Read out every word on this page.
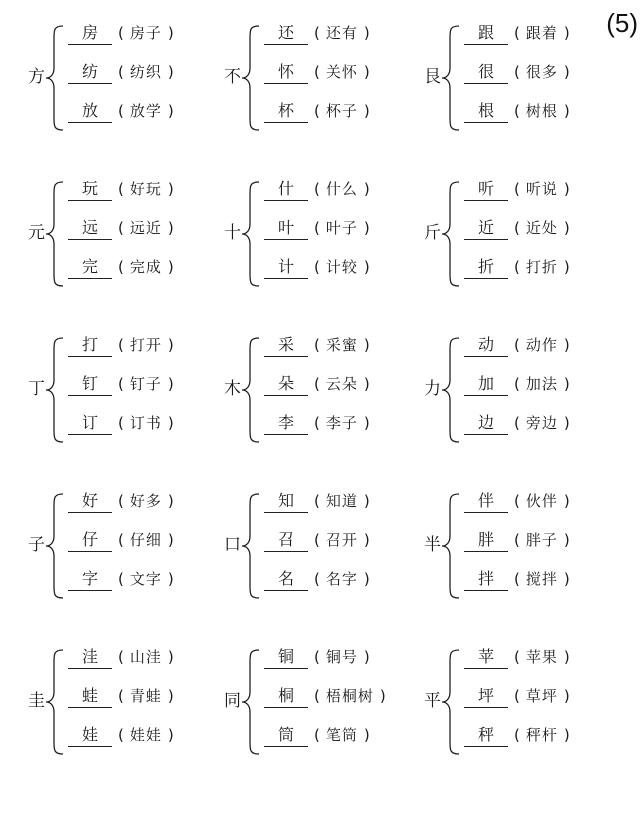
(5)
方
房 ( 房子 )
纺 ( 纺织 )
放 ( 放学 )
不
还 ( 还有 )
怀 ( 关怀 )
杯 ( 杯子 )
艮
跟 ( 跟着 )
很 ( 很多 )
根 ( 树根 )
元
玩 ( 好玩 )
远 ( 远近 )
完 ( 完成 )
十
什 ( 什么 )
叶 ( 叶子 )
计 ( 计较 )
斤
听 ( 听说 )
近 ( 近处 )
折 ( 打折 )
丁
打 ( 打开 )
钉 ( 钉子 )
订 ( 订书 )
木
采 ( 采蜜 )
朵 ( 云朵 )
李 ( 李子 )
力
动 ( 动作 )
加 ( 加法 )
边 ( 旁边 )
子
好 ( 好多 )
仔 ( 仔细 )
字 ( 文字 )
口
知 ( 知道 )
召 ( 召开 )
名 ( 名字 )
半
伴 ( 伙伴 )
胖 ( 胖子 )
拌 ( 搅拌 )
圭
洼 ( 山洼 )
蛙 ( 青蛙 )
娃 ( 娃娃 )
同
铜 ( 铜号 )
桐 ( 梧桐树 )
筒 ( 笔筒 )
平
苹 ( 苹果 )
坪 ( 草坪 )
秤 ( 秤杆 )
